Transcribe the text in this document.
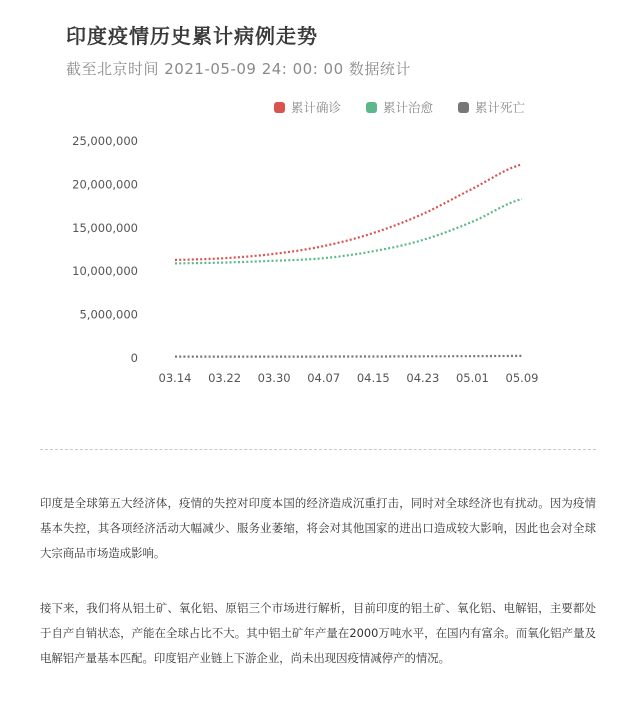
印度疫情历史累计病例走势
截至北京时间 2021-05-09 24: 00: 00 数据统计
25,000,000
20,000,000
15,000,000
10,000,000
5,000,000
0
03.14 03.22 03.30 04.07 04.15 04.23 05.01 05.09
累计确诊	累计治愈	累计死亡

印度是全球第五大经济体，疫情的失控对印度本国的经济造成沉重打击，同时对全球经济也有扰动。因为疫情基本失控，其各项经济活动大幅减少、服务业萎缩，将会对其他国家的进出口造成较大影响，因此也会对全球大宗商品市场造成影响。

接下来，我们将从铝土矿、氧化铝、原铝三个市场进行解析，目前印度的铝土矿、氧化铝、电解铝，主要都处于自产自销状态，产能在全球占比不大。其中铝土矿年产量在2000万吨水平，在国内有富余。而氧化铝产量及电解铝产量基本匹配。印度铝产业链上下游企业，尚未出现因疫情减停产的情况。
